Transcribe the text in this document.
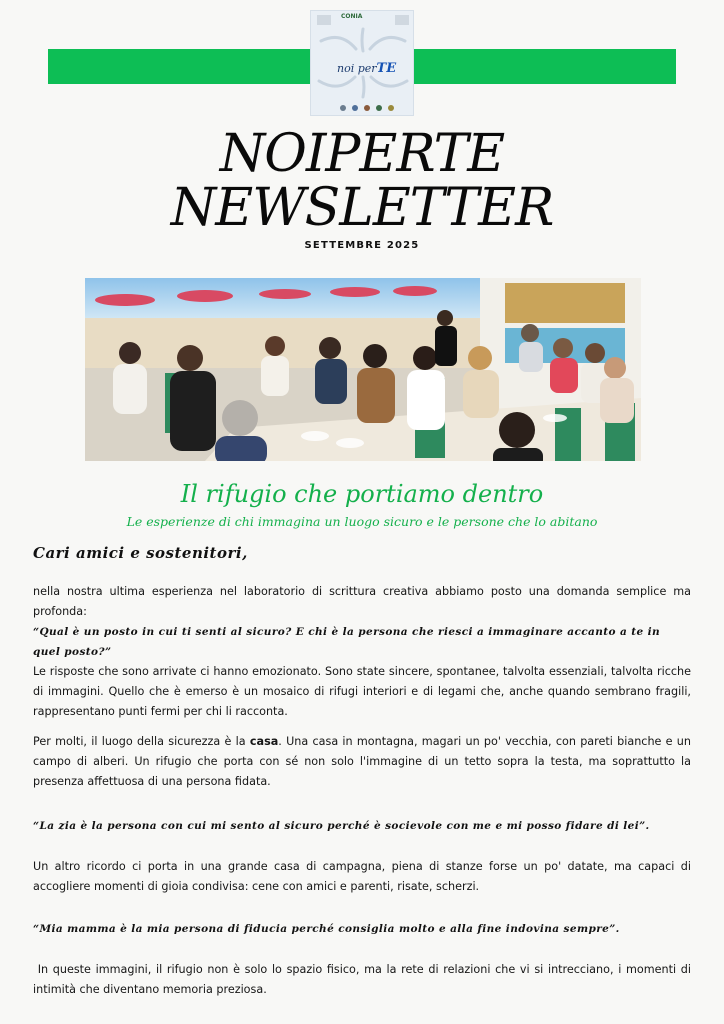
CONIA
noi perTE
NOIPERTE
NEWSLETTER
SETTEMBRE 2025
Il rifugio che portiamo dentro
Le esperienze di chi immagina un luogo sicuro e le persone che lo abitano
Cari amici e sostenitori,

nella nostra ultima esperienza nel laboratorio di scrittura creativa abbiamo posto una domanda semplice ma profonda:

“Qual è un posto in cui ti senti al sicuro? E chi è la persona che riesci a immaginare accanto a te in quel posto?”

Le risposte che sono arrivate ci hanno emozionato. Sono state sincere, spontanee, talvolta essenziali, talvolta ricche di immagini. Quello che è emerso è un mosaico di rifugi interiori e di legami che, anche quando sembrano fragili, rappresentano punti fermi per chi li racconta.

Per molti, il luogo della sicurezza è la casa. Una casa in montagna, magari un po' vecchia, con pareti bianche e un campo di alberi. Un rifugio che porta con sé non solo l'immagine di un tetto sopra la testa, ma soprattutto la presenza affettuosa di una persona fidata.

“La zia è la persona con cui mi sento al sicuro perché è socievole con me e mi posso fidare di lei”.

Un altro ricordo ci porta in una grande casa di campagna, piena di stanze forse un po' datate, ma capaci di accogliere momenti di gioia condivisa: cene con amici e parenti, risate, scherzi.

“Mia mamma è la mia persona di fiducia perché consiglia molto e alla fine indovina sempre”.

In queste immagini, il rifugio non è solo lo spazio fisico, ma la rete di relazioni che vi si intrecciano, i momenti di intimità che diventano memoria preziosa.
